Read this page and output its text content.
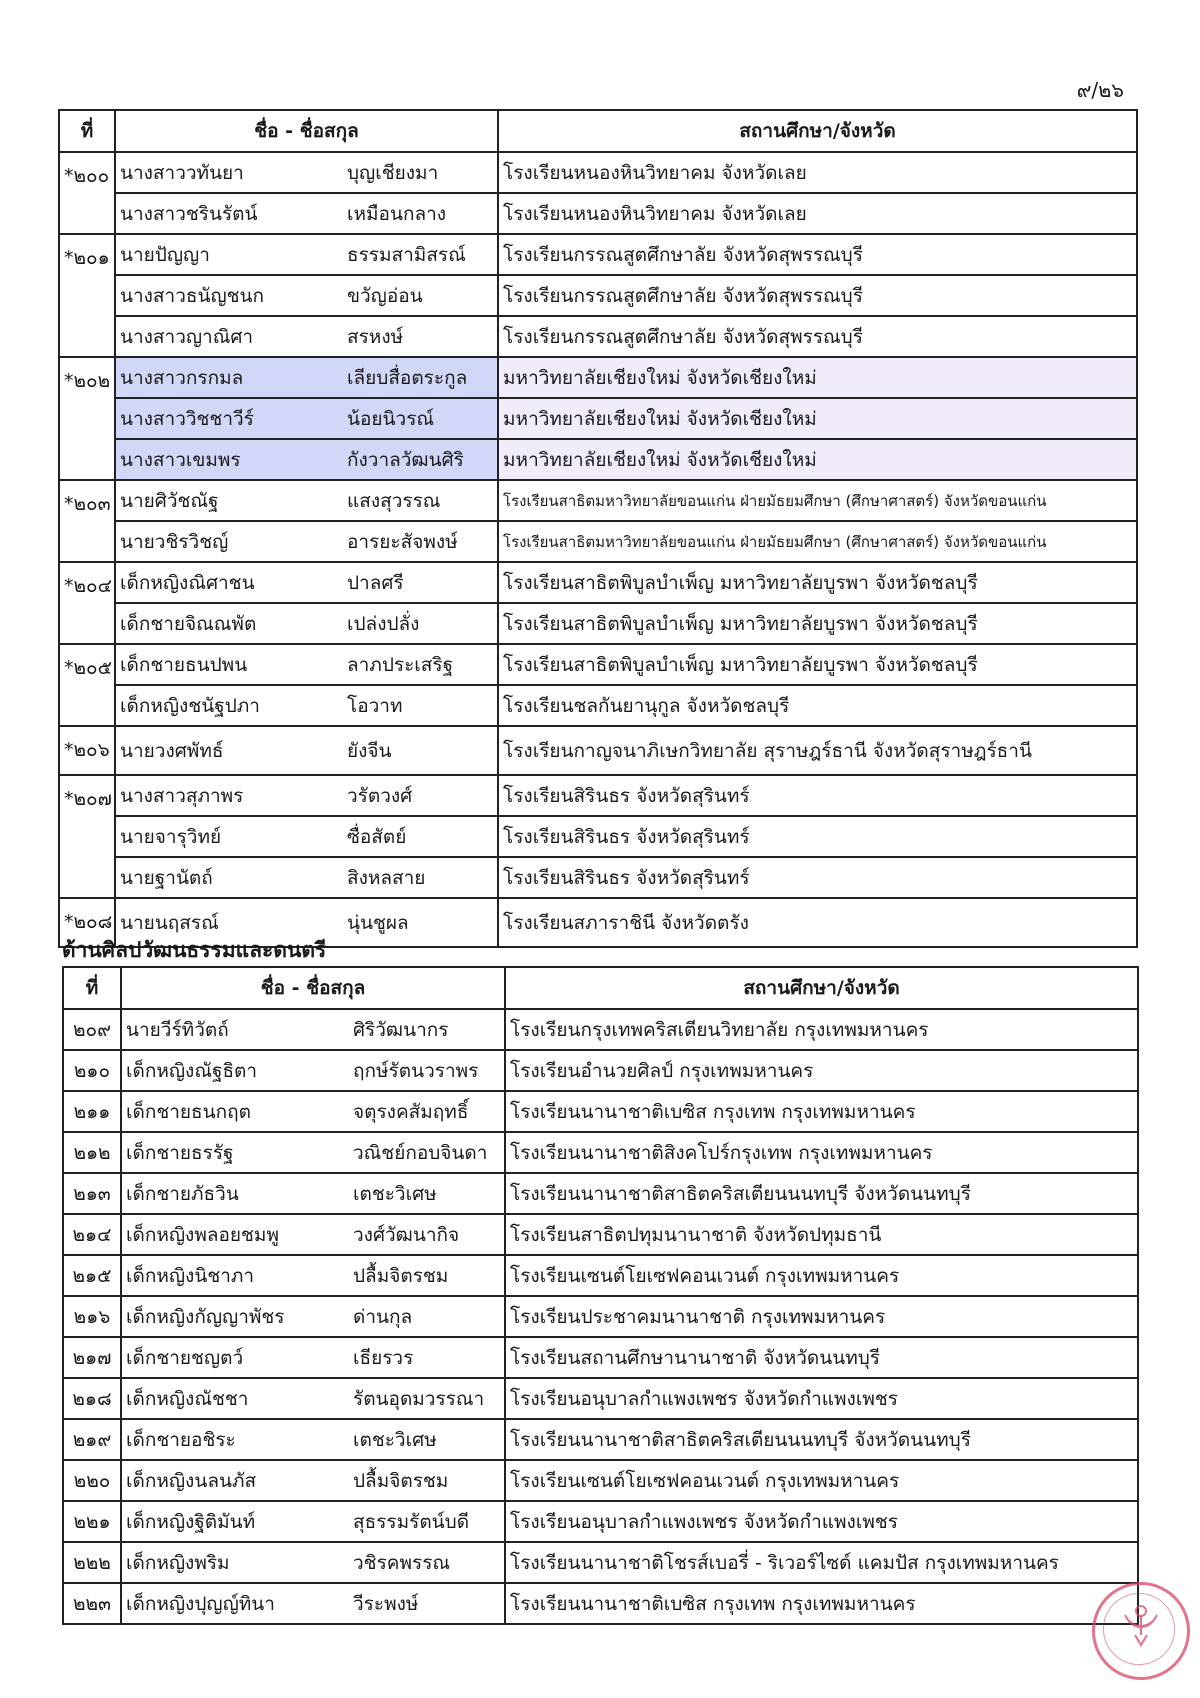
๙/๒๖
ที่	ชื่อ - ชื่อสกุล		สถานศึกษา/จังหวัด
*๒๐๐	นางสาววทันยา	บุญเชียงมา	โรงเรียนหนองหินวิทยาคม จังหวัดเลย
	นางสาวชรินรัตน์	เหมือนกลาง	โรงเรียนหนองหินวิทยาคม จังหวัดเลย
*๒๐๑	นายปัญญา	ธรรมสามิสรณ์	โรงเรียนกรรณสูตศึกษาลัย จังหวัดสุพรรณบุรี
	นางสาวธนัญชนก	ขวัญอ่อน	โรงเรียนกรรณสูตศึกษาลัย จังหวัดสุพรรณบุรี
	นางสาวญาณิศา	สรหงษ์	โรงเรียนกรรณสูตศึกษาลัย จังหวัดสุพรรณบุรี
*๒๐๒	นางสาวกรกมล	เลียบสื่อตระกูล	มหาวิทยาลัยเชียงใหม่ จังหวัดเชียงใหม่
	นางสาววิชชาวีร์	น้อยนิวรณ์	มหาวิทยาลัยเชียงใหม่ จังหวัดเชียงใหม่
	นางสาวเขมพร	กังวาลวัฒนศิริ	มหาวิทยาลัยเชียงใหม่ จังหวัดเชียงใหม่
*๒๐๓	นายศิวัชณัฐ	แสงสุวรรณ	โรงเรียนสาธิตมหาวิทยาลัยขอนแก่น ฝ่ายมัธยมศึกษา (ศึกษาศาสตร์) จังหวัดขอนแก่น
	นายวชิรวิชญ์	อารยะสัจพงษ์	โรงเรียนสาธิตมหาวิทยาลัยขอนแก่น ฝ่ายมัธยมศึกษา (ศึกษาศาสตร์) จังหวัดขอนแก่น
*๒๐๔	เด็กหญิงณิศาชน	ปาลศรี	โรงเรียนสาธิตพิบูลบำเพ็ญ มหาวิทยาลัยบูรพา จังหวัดชลบุรี
	เด็กชายจิณณพัต	เปล่งปลั่ง	โรงเรียนสาธิตพิบูลบำเพ็ญ มหาวิทยาลัยบูรพา จังหวัดชลบุรี
*๒๐๕	เด็กชายธนปพน	ลาภประเสริฐ	โรงเรียนสาธิตพิบูลบำเพ็ญ มหาวิทยาลัยบูรพา จังหวัดชลบุรี
	เด็กหญิงชนัฐปภา	โอวาท	โรงเรียนชลกันยานุกูล จังหวัดชลบุรี
*๒๐๖	นายวงศพัทธ์	ยังจีน	โรงเรียนกาญจนาภิเษกวิทยาลัย สุราษฎร์ธานี จังหวัดสุราษฎร์ธานี
*๒๐๗	นางสาวสุภาพร	วรัตวงศ์	โรงเรียนสิรินธร จังหวัดสุรินทร์
	นายจารุวิทย์	ซื่อสัตย์	โรงเรียนสิรินธร จังหวัดสุรินทร์
	นายฐานัตถ์	สิงหลสาย	โรงเรียนสิรินธร จังหวัดสุรินทร์
*๒๐๘	นายนฤสรณ์	นุ่นชูผล	โรงเรียนสภาราชินี จังหวัดตรัง
ด้านศิลปวัฒนธรรมและดนตรี
ที่	ชื่อ - ชื่อสกุล		สถานศึกษา/จังหวัด
๒๐๙	นายวีร์ทิวัตถ์	ศิริวัฒนากร	โรงเรียนกรุงเทพคริสเตียนวิทยาลัย กรุงเทพมหานคร
๒๑๐	เด็กหญิงณัฐธิตา	ฤกษ์รัตนวราพร	โรงเรียนอำนวยศิลป์ กรุงเทพมหานคร
๒๑๑	เด็กชายธนกฤต	จตุรงคสัมฤทธิ์	โรงเรียนนานาชาติเบซิส กรุงเทพ กรุงเทพมหานคร
๒๑๒	เด็กชายธรรัฐ	วณิชย์กอบจินดา	โรงเรียนนานาชาติสิงคโปร์กรุงเทพ กรุงเทพมหานคร
๒๑๓	เด็กชายภัธวิน	เตชะวิเศษ	โรงเรียนนานาชาติสาธิตคริสเตียนนนทบุรี จังหวัดนนทบุรี
๒๑๔	เด็กหญิงพลอยชมพู	วงศ์วัฒนากิจ	โรงเรียนสาธิตปทุมนานาชาติ จังหวัดปทุมธานี
๒๑๕	เด็กหญิงนิชาภา	ปลื้มจิตรชม	โรงเรียนเซนต์โยเซฟคอนเวนต์ กรุงเทพมหานคร
๒๑๖	เด็กหญิงกัญญาพัชร	ด่านกุล	โรงเรียนประชาคมนานาชาติ กรุงเทพมหานคร
๒๑๗	เด็กชายชญตว์	เธียรวร	โรงเรียนสถานศึกษานานาชาติ จังหวัดนนทบุรี
๒๑๘	เด็กหญิงณัชชา	รัตนอุดมวรรณา	โรงเรียนอนุบาลกำแพงเพชร จังหวัดกำแพงเพชร
๒๑๙	เด็กชายอชิระ	เตชะวิเศษ	โรงเรียนนานาชาติสาธิตคริสเตียนนนทบุรี จังหวัดนนทบุรี
๒๒๐	เด็กหญิงนลนภัส	ปลื้มจิตรชม	โรงเรียนเซนต์โยเซฟคอนเวนต์ กรุงเทพมหานคร
๒๒๑	เด็กหญิงฐิติมันท์	สุธรรมรัตน์บดี	โรงเรียนอนุบาลกำแพงเพชร จังหวัดกำแพงเพชร
๒๒๒	เด็กหญิงพริม	วชิรคพรรณ	โรงเรียนนานาชาติโชรส์เบอรี่ - ริเวอร์ไซด์ แคมปัส กรุงเทพมหานคร
๒๒๓	เด็กหญิงปุญญ์ทินา	วีระพงษ์	โรงเรียนนานาชาติเบซิส กรุงเทพ กรุงเทพมหานคร
